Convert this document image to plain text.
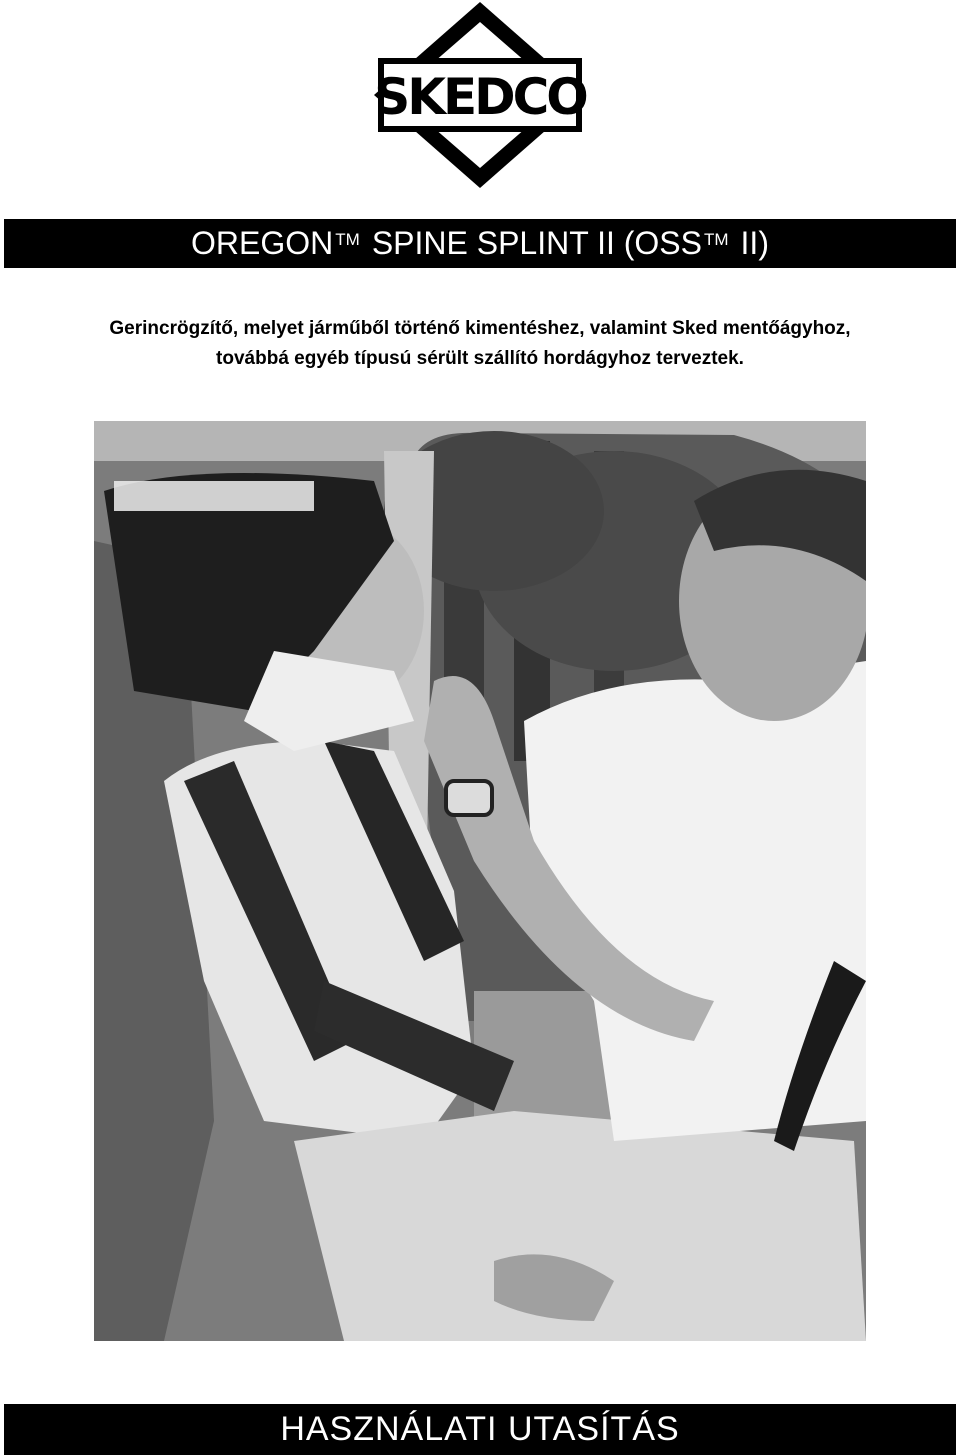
SKEDCO
OREGON™ SPINE SPLINT II (OSS™ II)
Gerincrögzítő, melyet járműből történő kimentéshez, valamint Sked mentőágyhoz,
továbbá egyéb típusú sérült szállító hordágyhoz terveztek.
HASZNÁLATI UTASÍTÁS
